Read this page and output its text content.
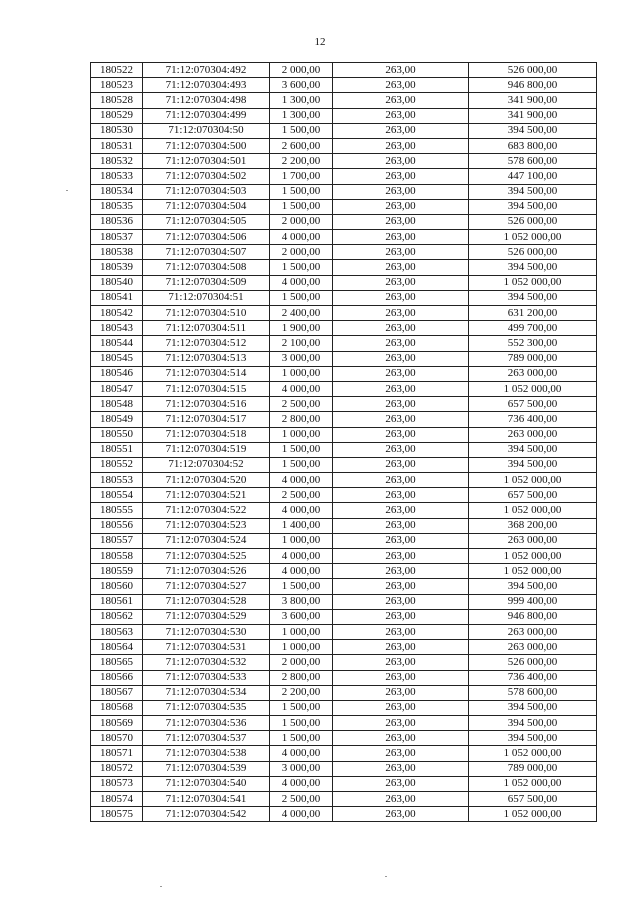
12
180522	71:12:070304:492	2 000,00	263,00	526 000,00
180523	71:12:070304:493	3 600,00	263,00	946 800,00
180528	71:12:070304:498	1 300,00	263,00	341 900,00
180529	71:12:070304:499	1 300,00	263,00	341 900,00
180530	71:12:070304:50	1 500,00	263,00	394 500,00
180531	71:12:070304:500	2 600,00	263,00	683 800,00
180532	71:12:070304:501	2 200,00	263,00	578 600,00
180533	71:12:070304:502	1 700,00	263,00	447 100,00
180534	71:12:070304:503	1 500,00	263,00	394 500,00
180535	71:12:070304:504	1 500,00	263,00	394 500,00
180536	71:12:070304:505	2 000,00	263,00	526 000,00
180537	71:12:070304:506	4 000,00	263,00	1 052 000,00
180538	71:12:070304:507	2 000,00	263,00	526 000,00
180539	71:12:070304:508	1 500,00	263,00	394 500,00
180540	71:12:070304:509	4 000,00	263,00	1 052 000,00
180541	71:12:070304:51	1 500,00	263,00	394 500,00
180542	71:12:070304:510	2 400,00	263,00	631 200,00
180543	71:12:070304:511	1 900,00	263,00	499 700,00
180544	71:12:070304:512	2 100,00	263,00	552 300,00
180545	71:12:070304:513	3 000,00	263,00	789 000,00
180546	71:12:070304:514	1 000,00	263,00	263 000,00
180547	71:12:070304:515	4 000,00	263,00	1 052 000,00
180548	71:12:070304:516	2 500,00	263,00	657 500,00
180549	71:12:070304:517	2 800,00	263,00	736 400,00
180550	71:12:070304:518	1 000,00	263,00	263 000,00
180551	71:12:070304:519	1 500,00	263,00	394 500,00
180552	71:12:070304:52	1 500,00	263,00	394 500,00
180553	71:12:070304:520	4 000,00	263,00	1 052 000,00
180554	71:12:070304:521	2 500,00	263,00	657 500,00
180555	71:12:070304:522	4 000,00	263,00	1 052 000,00
180556	71:12:070304:523	1 400,00	263,00	368 200,00
180557	71:12:070304:524	1 000,00	263,00	263 000,00
180558	71:12:070304:525	4 000,00	263,00	1 052 000,00
180559	71:12:070304:526	4 000,00	263,00	1 052 000,00
180560	71:12:070304:527	1 500,00	263,00	394 500,00
180561	71:12:070304:528	3 800,00	263,00	999 400,00
180562	71:12:070304:529	3 600,00	263,00	946 800,00
180563	71:12:070304:530	1 000,00	263,00	263 000,00
180564	71:12:070304:531	1 000,00	263,00	263 000,00
180565	71:12:070304:532	2 000,00	263,00	526 000,00
180566	71:12:070304:533	2 800,00	263,00	736 400,00
180567	71:12:070304:534	2 200,00	263,00	578 600,00
180568	71:12:070304:535	1 500,00	263,00	394 500,00
180569	71:12:070304:536	1 500,00	263,00	394 500,00
180570	71:12:070304:537	1 500,00	263,00	394 500,00
180571	71:12:070304:538	4 000,00	263,00	1 052 000,00
180572	71:12:070304:539	3 000,00	263,00	789 000,00
180573	71:12:070304:540	4 000,00	263,00	1 052 000,00
180574	71:12:070304:541	2 500,00	263,00	657 500,00
180575	71:12:070304:542	4 000,00	263,00	1 052 000,00
